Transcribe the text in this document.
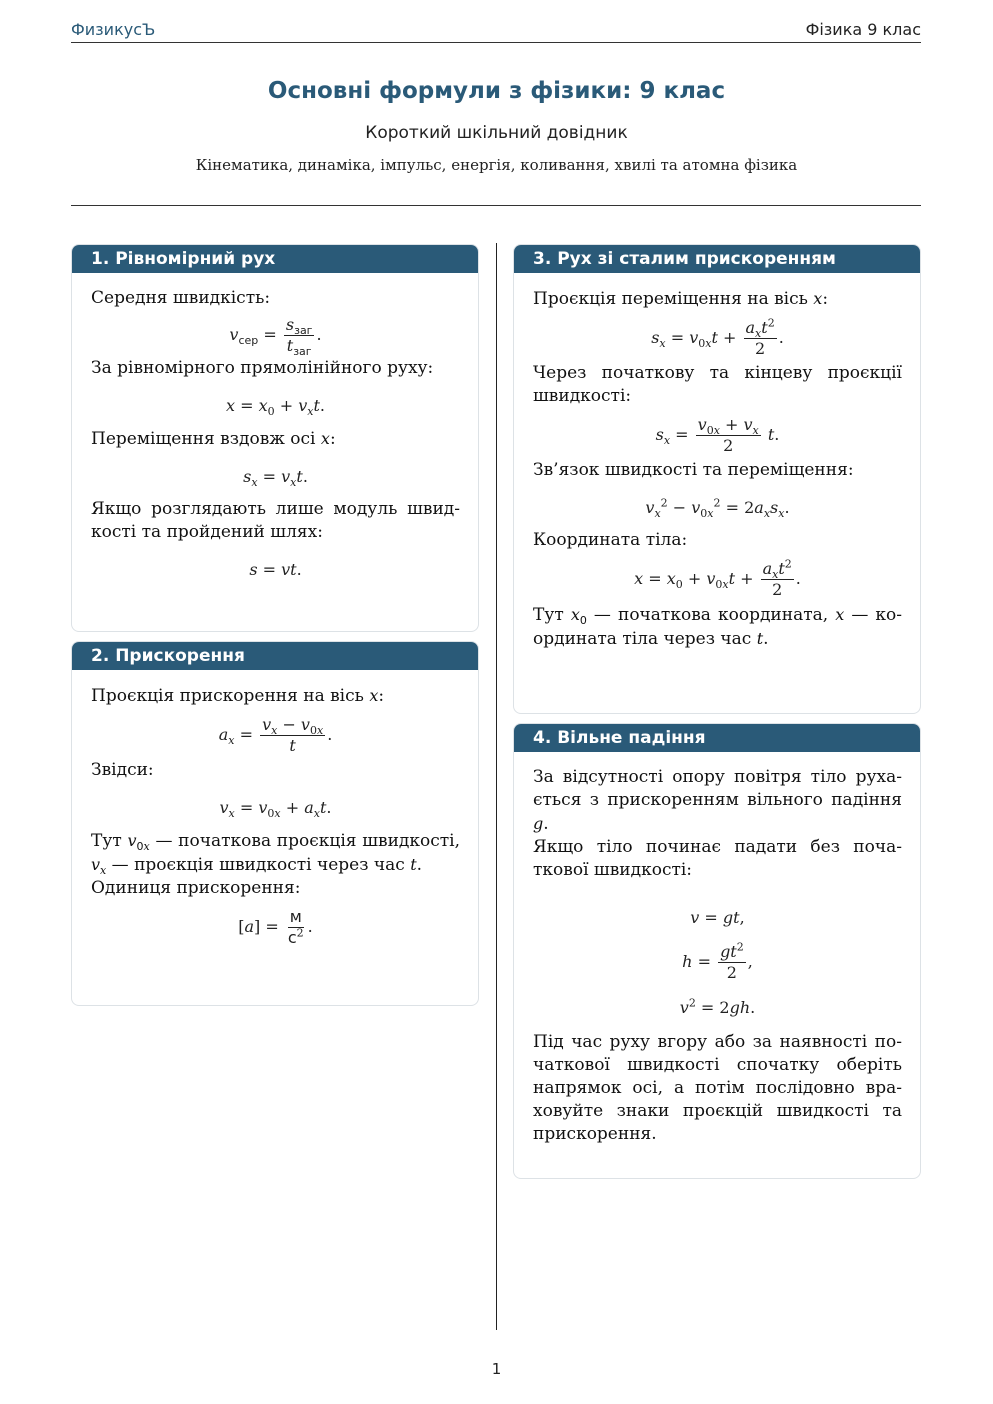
ФизикусЪ	Фізика 9 клас
Основні формули з фізики: 9 клас
Короткий шкільний довідник
Кінематика, динаміка, імпульс, енергія, коливання, хвилі та атомна фізика
1. Рівномірний рух
Середня швидкість:
$v_{сер} = \frac{s_{заг}}{t_{заг}}$ .
За рівномірного прямолінійного руху:
$x = x_0 + v_xt$.
Переміщення вздовж осі x:
$s_x = v_xt$.

Якщо розглядають лише модуль швидкості та пройдений шлях:

s = vt.
2. Прискорення
Проєкція прискорення на вісь x:
$a_x = \frac{v_x - v_{0x}}{t}$ .
Звідси:
$v_x = v_{0x} + a_xt$.

Тут $v_{0x}$ — початкова проєкція швидкості, $v_x$ — проєкція швидкості через час t.

Одиниця прискорення:
$[a] = \frac{м}{с^2}$ .
3. Рух зі сталим прискоренням
Проєкція переміщення на вісь x:
$s_x = v_{0x}t + \frac{a_xt^2}{2}$ .

Через початкову та кінцеву проєкції швидкості:

$s_x = \frac{v_{0x} + v_x}{2} t$.
Зв’язок швидкості та переміщення:
$v_x^2 - v_{0x}^2 = 2a_xs_x$.
Координата тіла:
$x = x_0 + v_{0x}t + \frac{a_xt^2}{2}$ .

Тут $x_0$ — початкова координата, x — координата тіла через час t.

4. Вільне падіння

За відсутності опору повітря тіло рухається з прискоренням вільного падіння g.

Якщо тіло починає падати без початкової швидкості:

v = gt,
$h = \frac{gt^2}{2}$ ,
$v^2 = 2gh$.

Під час руху вгору або за наявності початкової швидкості спочатку оберіть напрямок осі, а потім послідовно враховуйте знаки проєкцій швидкості та прискорення.

1
